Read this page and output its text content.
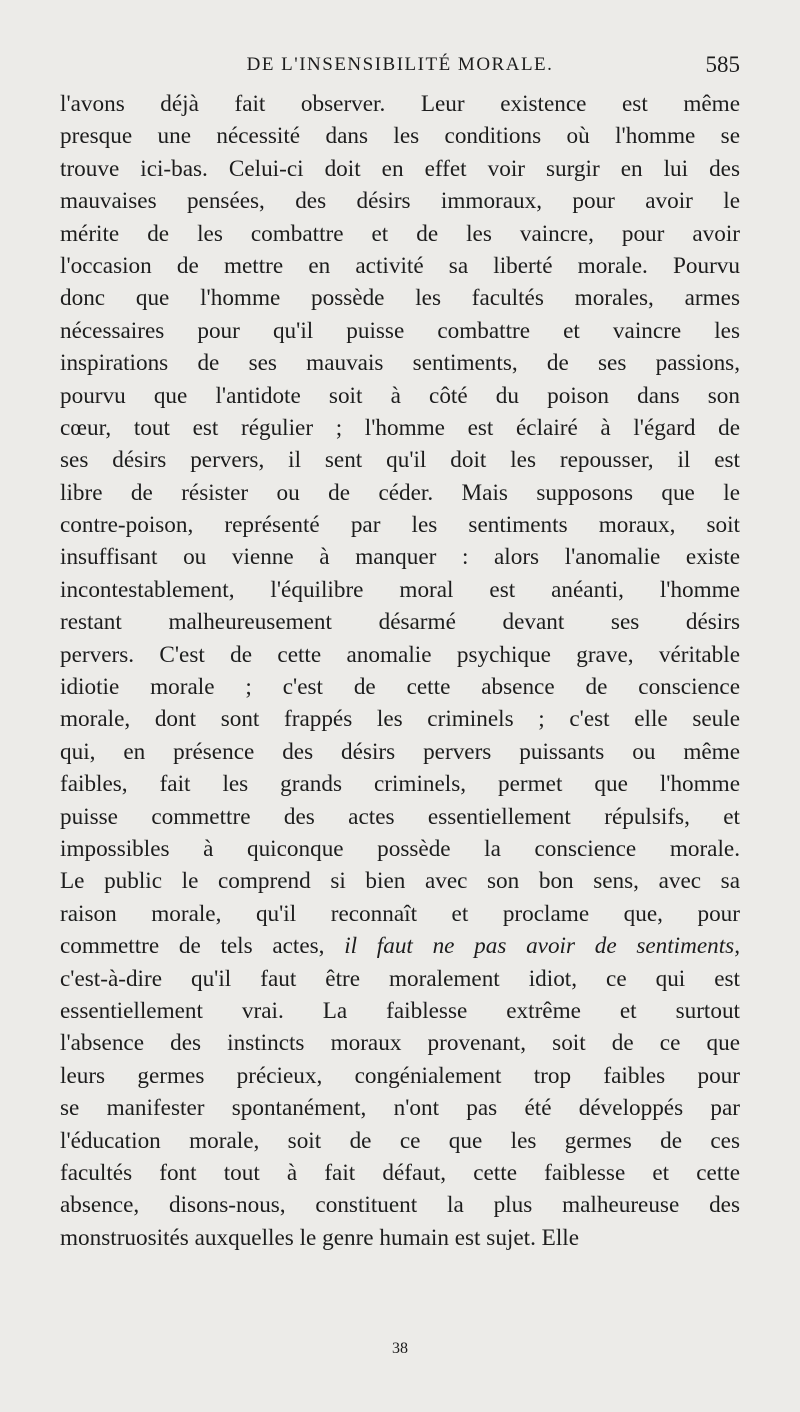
DE L'INSENSIBILITÉ MORALE.	585
l'avons déjà fait observer. Leur existence est même
presque une nécessité dans les conditions où l'homme se
trouve ici-bas. Celui-ci doit en effet voir surgir en lui des
mauvaises pensées, des désirs immoraux, pour avoir le
mérite de les combattre et de les vaincre, pour avoir
l'occasion de mettre en activité sa liberté morale. Pourvu
donc que l'homme possède les facultés morales, armes
nécessaires pour qu'il puisse combattre et vaincre les
inspirations de ses mauvais sentiments, de ses passions,
pourvu que l'antidote soit à côté du poison dans son
cœur, tout est régulier ; l'homme est éclairé à l'égard de
ses désirs pervers, il sent qu'il doit les repousser, il est
libre de résister ou de céder. Mais supposons que le
contre-poison, représenté par les sentiments moraux, soit
insuffisant ou vienne à manquer : alors l'anomalie existe
incontestablement, l'équilibre moral est anéanti, l'homme
restant malheureusement désarmé devant ses désirs
pervers. C'est de cette anomalie psychique grave, véritable
idiotie morale ; c'est de cette absence de conscience
morale, dont sont frappés les criminels ; c'est elle seule
qui, en présence des désirs pervers puissants ou même
faibles, fait les grands criminels, permet que l'homme
puisse commettre des actes essentiellement répulsifs, et
impossibles à quiconque possède la conscience morale.
Le public le comprend si bien avec son bon sens, avec sa
raison morale, qu'il reconnaît et proclame que, pour
commettre de tels actes, il faut ne pas avoir de sentiments,
c'est-à-dire qu'il faut être moralement idiot, ce qui est
essentiellement vrai. La faiblesse extrême et surtout
l'absence des instincts moraux provenant, soit de ce que
leurs germes précieux, congénialement trop faibles pour
se manifester spontanément, n'ont pas été développés par
l'éducation morale, soit de ce que les germes de ces
facultés font tout à fait défaut, cette faiblesse et cette
absence, disons-nous, constituent la plus malheureuse des
monstruosités auxquelles le genre humain est sujet. Elle
38
